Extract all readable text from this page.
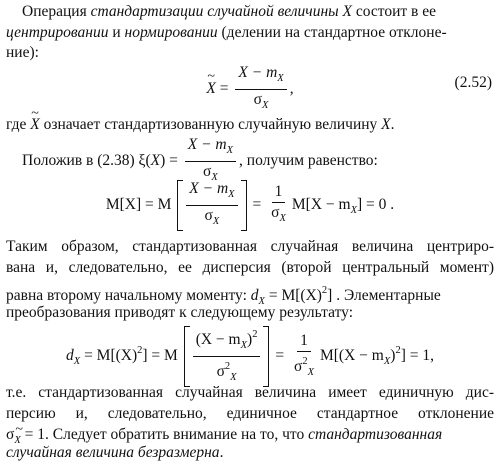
Операция стандартизации случайной величины X состоит в ее
центрировании и нормировании (делении на стандартное отклоне-
ние):
~ $X = \frac{X - m_X}{\sigma_X}$ ,	(2.52)
где ~ X означает стандартизованную случайную величину X.
Положив в (2.38) $\xi(X) = \frac{X - m_X}{\sigma_X}$ , получим равенство:
M[X] = M $\frac{X - m_X}{\sigma_X} = \frac{1}{\sigma_X} M[X - m_X] = 0$ .
Таким образом, стандартизованная случайная величина центриро-
вана и, следовательно, ее дисперсия (второй центральный момент)
равна второму начальному моменту: $d_X = M[(X)^2]$ . Элементарные
преобразования приводят к следующему результату:
$d_X = M[(X)^2] = M \frac{(X - m_X)^2}{\sigma^2_X} = \frac{1}{\sigma^2_X} M[(X - m_X)^2] = 1$,
т.е. стандартизованная случайная величина имеет единичную дис-
персию и, следовательно, единичное стандартное отклонение
σ~ X = 1. Следует обратить внимание на то, что стандартизованная
случайная величина безразмерна.
